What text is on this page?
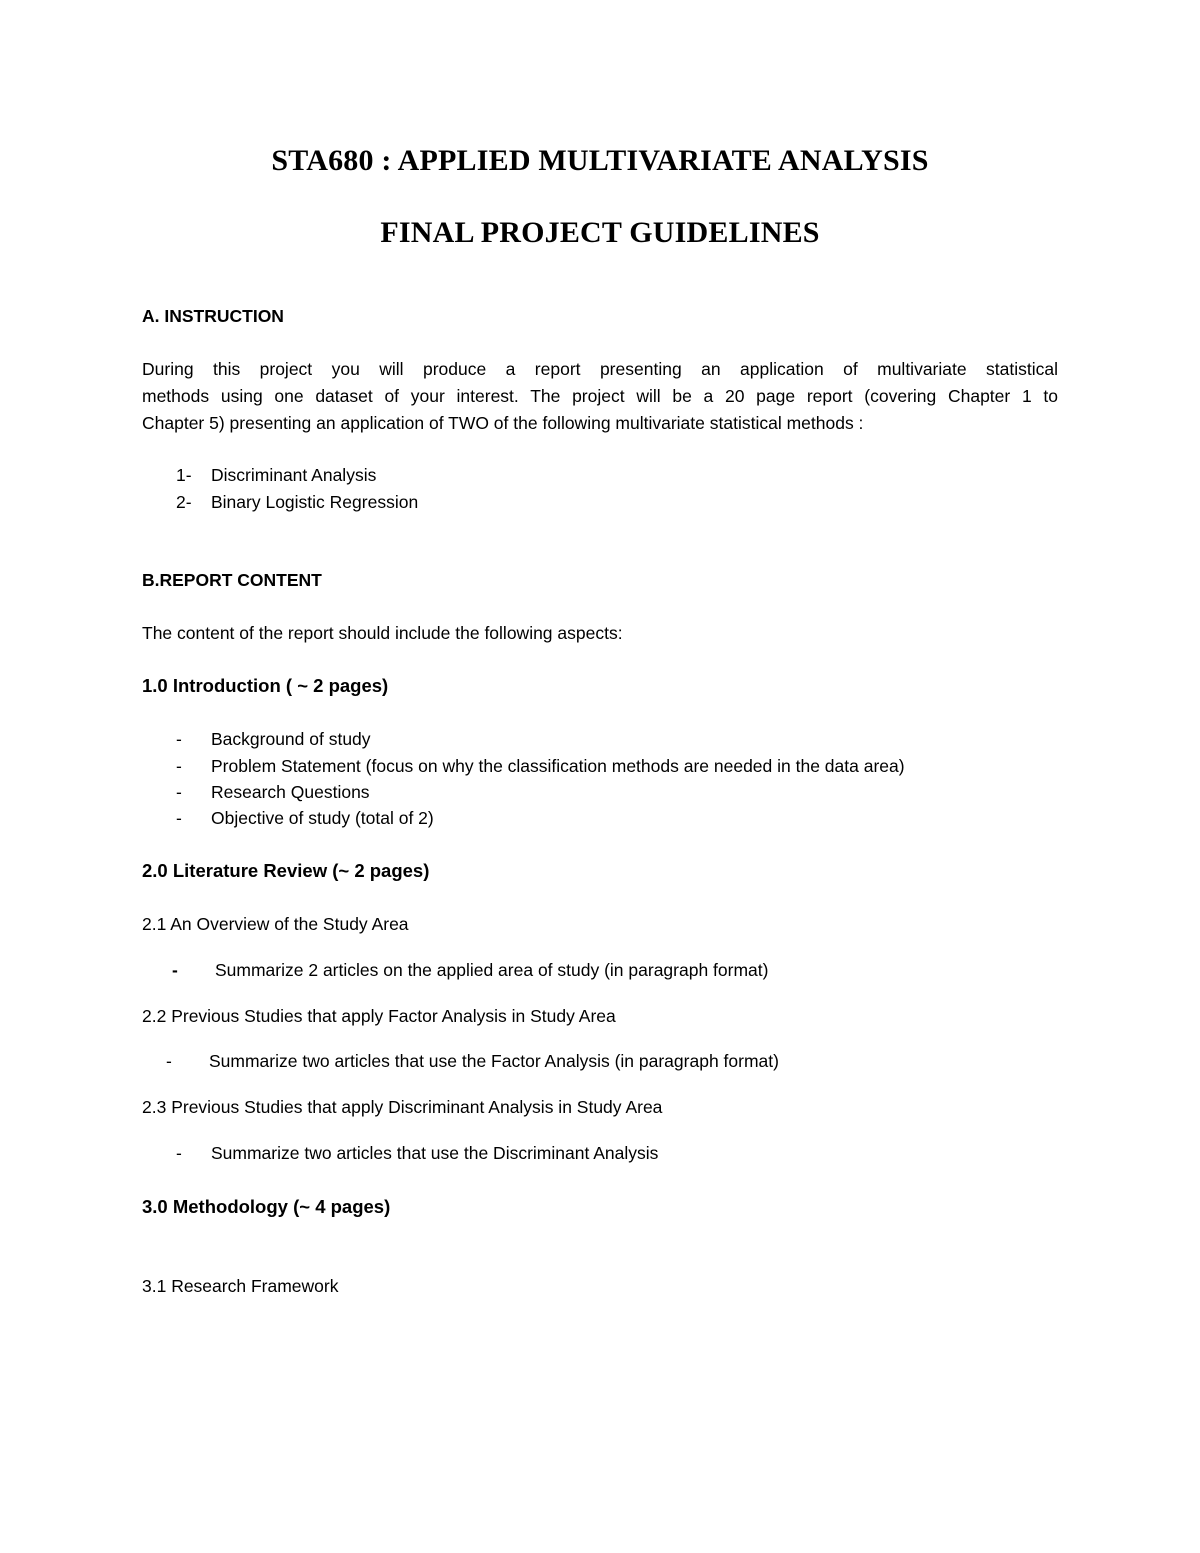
STA680 : APPLIED MULTIVARIATE ANALYSIS
FINAL PROJECT GUIDELINES
A. INSTRUCTION

During this project you will produce a report presenting an application of multivariate statistical

methods using one dataset of your interest. The project will be a 20 page report (covering Chapter 1 to

Chapter 5) presenting an application of TWO of the following multivariate statistical methods :

1- Discriminant Analysis
2- Binary Logistic Regression
B.REPORT CONTENT
The content of the report should include the following aspects:
1.0 Introduction ( ~ 2 pages)
- Background of study
- Problem Statement (focus on why the classification methods are needed in the data area)
- Research Questions
- Objective of study (total of 2)
2.0 Literature Review (~ 2 pages)
2.1 An Overview of the Study Area
- Summarize 2 articles on the applied area of study (in paragraph format)
2.2 Previous Studies that apply Factor Analysis in Study Area
- Summarize two articles that use the Factor Analysis (in paragraph format)
2.3 Previous Studies that apply Discriminant Analysis in Study Area
- Summarize two articles that use the Discriminant Analysis
3.0 Methodology (~ 4 pages)
3.1 Research Framework
